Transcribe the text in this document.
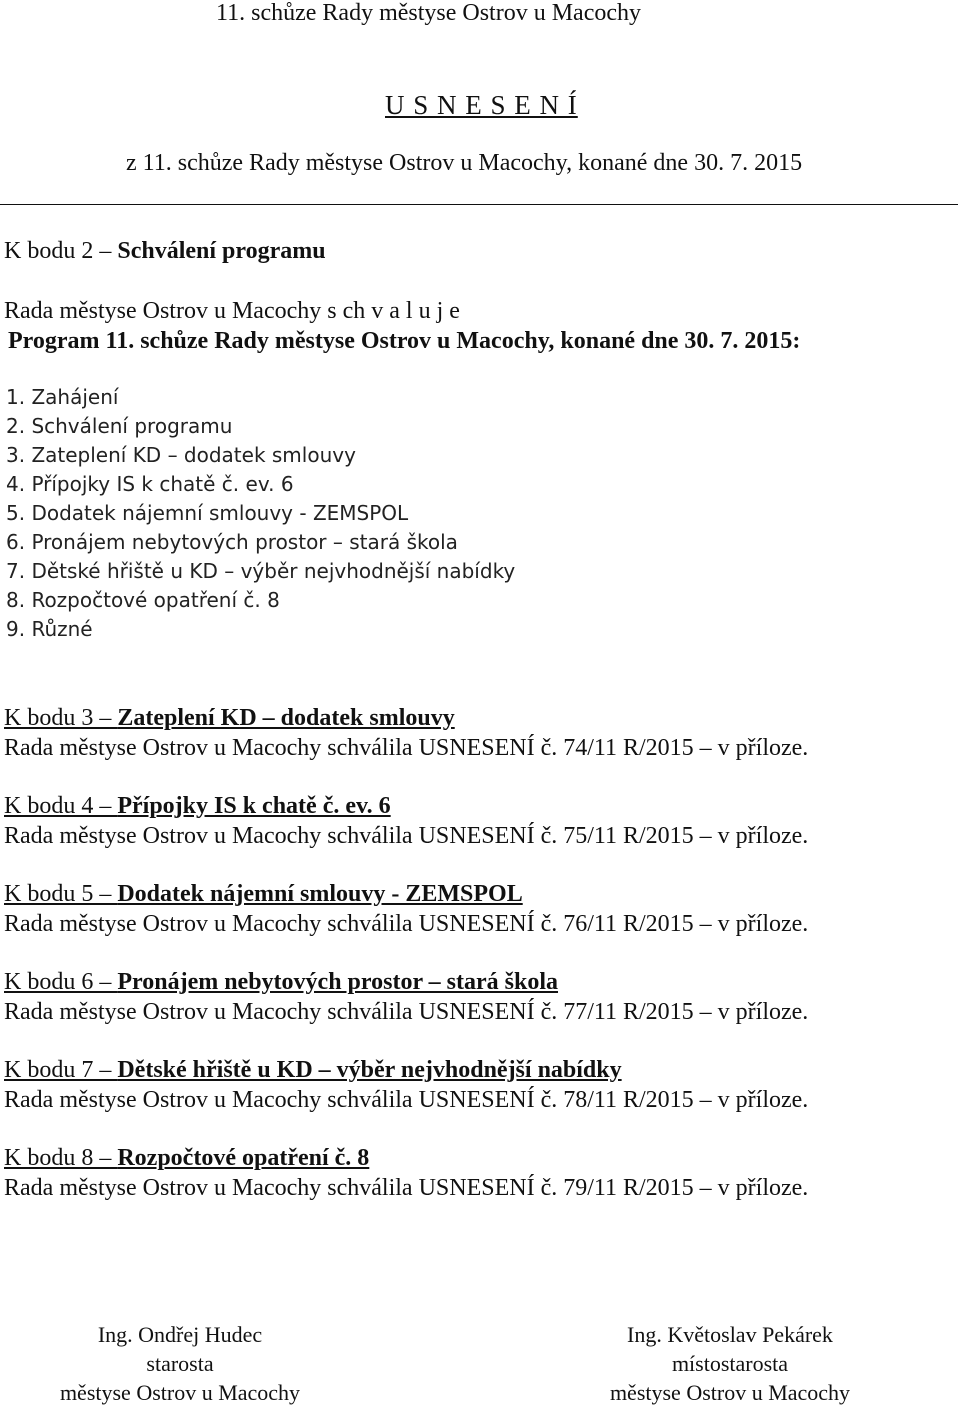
11. schůze Rady městyse Ostrov u Macochy
U S N E S E N Í
z 11. schůze Rady městyse Ostrov u Macochy, konané dne 30. 7. 2015
K bodu 2 – Schválení programu
Rada městyse Ostrov u Macochy s ch v a l u j e
Program 11. schůze Rady městyse Ostrov u Macochy, konané dne 30. 7. 2015:
1. Zahájení
2. Schválení programu
3. Zateplení KD – dodatek smlouvy
4. Přípojky IS k chatě č. ev. 6
5. Dodatek nájemní smlouvy - ZEMSPOL
6. Pronájem nebytových prostor – stará škola
7. Dětské hřiště u KD – výběr nejvhodnější nabídky
8. Rozpočtové opatření č. 8
9. Různé
K bodu 3 – Zateplení KD – dodatek smlouvy
Rada městyse Ostrov u Macochy schválila USNESENÍ č. 74/11 R/2015 – v příloze.
K bodu 4 – Přípojky IS k chatě č. ev. 6
Rada městyse Ostrov u Macochy schválila USNESENÍ č. 75/11 R/2015 – v příloze.
K bodu 5 – Dodatek nájemní smlouvy - ZEMSPOL
Rada městyse Ostrov u Macochy schválila USNESENÍ č. 76/11 R/2015 – v příloze.
K bodu 6 – Pronájem nebytových prostor – stará škola
Rada městyse Ostrov u Macochy schválila USNESENÍ č. 77/11 R/2015 – v příloze.
K bodu 7 – Dětské hřiště u KD – výběr nejvhodnější nabídky
Rada městyse Ostrov u Macochy schválila USNESENÍ č. 78/11 R/2015 – v příloze.
K bodu 8 – Rozpočtové opatření č. 8
Rada městyse Ostrov u Macochy schválila USNESENÍ č. 79/11 R/2015 – v příloze.
Ing. Ondřej Hudec
starosta
městyse Ostrov u Macochy
Ing. Květoslav Pekárek
místostarosta
městyse Ostrov u Macochy
